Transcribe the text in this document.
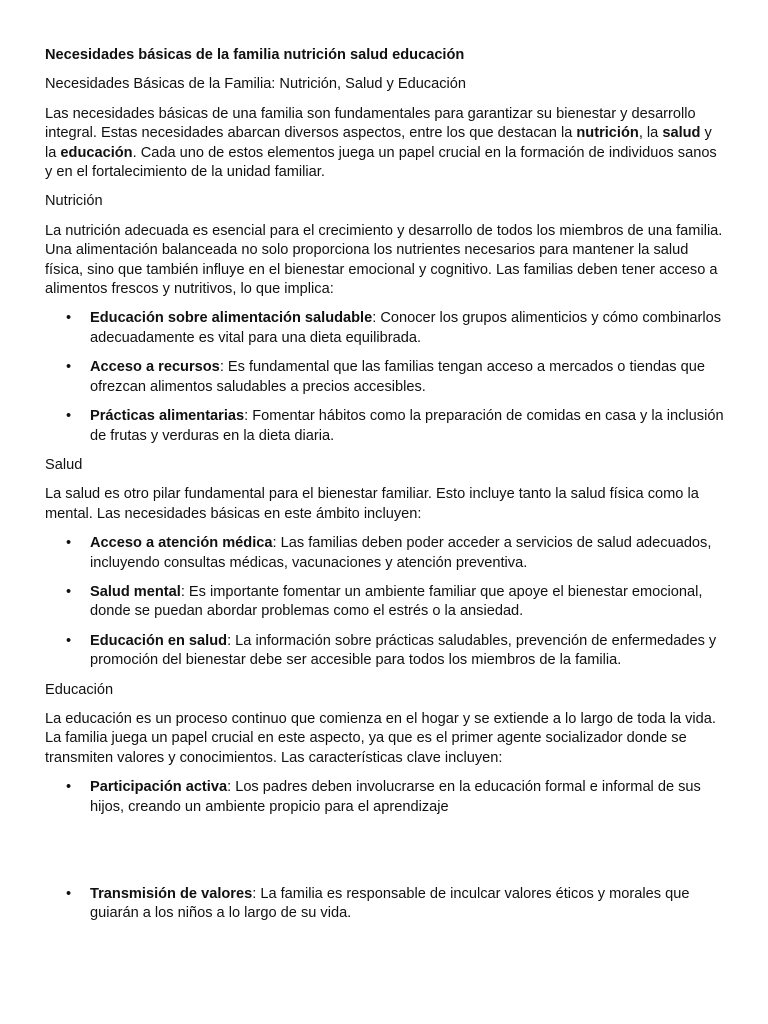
Necesidades básicas de la familia nutrición salud educación

Necesidades Básicas de la Familia: Nutrición, Salud y Educación

Las necesidades básicas de una familia son fundamentales para garantizar su bienestar y desarrollo integral. Estas necesidades abarcan diversos aspectos, entre los que destacan la nutrición, la salud y la educación. Cada uno de estos elementos juega un papel crucial en la formación de individuos sanos y en el fortalecimiento de la unidad familiar.

Nutrición

La nutrición adecuada es esencial para el crecimiento y desarrollo de todos los miembros de una familia. Una alimentación balanceada no solo proporciona los nutrientes necesarios para mantener la salud física, sino que también influye en el bienestar emocional y cognitivo. Las familias deben tener acceso a alimentos frescos y nutritivos, lo que implica:

• Educación sobre alimentación saludable: Conocer los grupos alimenticios y cómo combinarlos adecuadamente es vital para una dieta equilibrada.
• Acceso a recursos: Es fundamental que las familias tengan acceso a mercados o tiendas que ofrezcan alimentos saludables a precios accesibles.
• Prácticas alimentarias: Fomentar hábitos como la preparación de comidas en casa y la inclusión de frutas y verduras en la dieta diaria.

Salud

La salud es otro pilar fundamental para el bienestar familiar. Esto incluye tanto la salud física como la mental. Las necesidades básicas en este ámbito incluyen:

• Acceso a atención médica: Las familias deben poder acceder a servicios de salud adecuados, incluyendo consultas médicas, vacunaciones y atención preventiva.
• Salud mental: Es importante fomentar un ambiente familiar que apoye el bienestar emocional, donde se puedan abordar problemas como el estrés o la ansiedad.
• Educación en salud: La información sobre prácticas saludables, prevención de enfermedades y promoción del bienestar debe ser accesible para todos los miembros de la familia.

Educación

La educación es un proceso continuo que comienza en el hogar y se extiende a lo largo de toda la vida. La familia juega un papel crucial en este aspecto, ya que es el primer agente socializador donde se transmiten valores y conocimientos. Las características clave incluyen:

• Participación activa: Los padres deben involucrarse en la educación formal e informal de sus hijos, creando un ambiente propicio para el aprendizaje
• Transmisión de valores: La familia es responsable de inculcar valores éticos y morales que guiarán a los niños a lo largo de su vida.
